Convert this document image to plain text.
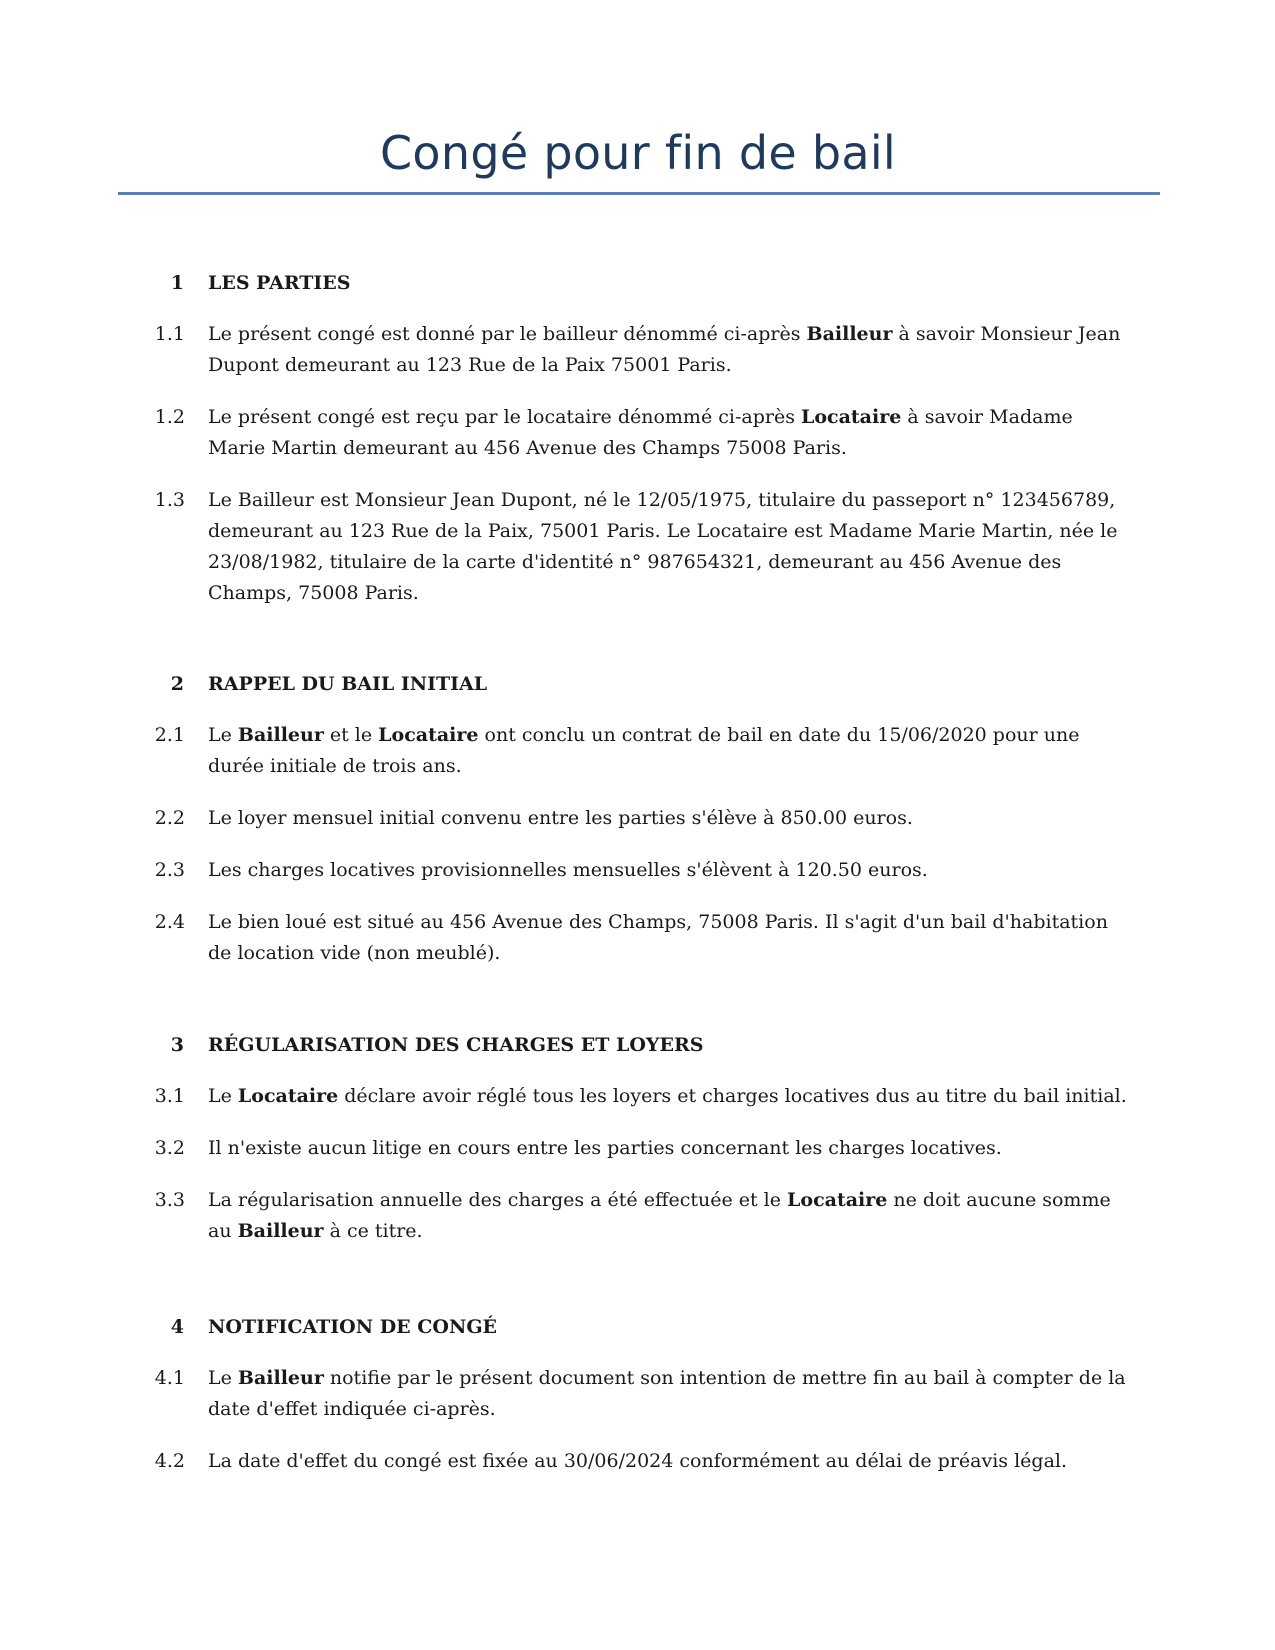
Congé pour fin de bail
1 LES PARTIES
1.1 Le présent congé est donné par le bailleur dénommé ci-après Bailleur à savoir Monsieur Jean
Dupont demeurant au 123 Rue de la Paix 75001 Paris.
1.2 Le présent congé est reçu par le locataire dénommé ci-après Locataire à savoir Madame
Marie Martin demeurant au 456 Avenue des Champs 75008 Paris.
1.3 Le Bailleur est Monsieur Jean Dupont, né le 12/05/1975, titulaire du passeport n° 123456789,
demeurant au 123 Rue de la Paix, 75001 Paris. Le Locataire est Madame Marie Martin, née le
23/08/1982, titulaire de la carte d'identité n° 987654321, demeurant au 456 Avenue des
Champs, 75008 Paris.
2 RAPPEL DU BAIL INITIAL
2.1 Le Bailleur et le Locataire ont conclu un contrat de bail en date du 15/06/2020 pour une
durée initiale de trois ans.
2.2 Le loyer mensuel initial convenu entre les parties s'élève à 850.00 euros.
2.3 Les charges locatives provisionnelles mensuelles s'élèvent à 120.50 euros.
2.4 Le bien loué est situé au 456 Avenue des Champs, 75008 Paris. Il s'agit d'un bail d'habitation
de location vide (non meublé).
3 RÉGULARISATION DES CHARGES ET LOYERS
3.1 Le Locataire déclare avoir réglé tous les loyers et charges locatives dus au titre du bail initial.
3.2 Il n'existe aucun litige en cours entre les parties concernant les charges locatives.
3.3 La régularisation annuelle des charges a été effectuée et le Locataire ne doit aucune somme
au Bailleur à ce titre.
4 NOTIFICATION DE CONGÉ
4.1 Le Bailleur notifie par le présent document son intention de mettre fin au bail à compter de la
date d'effet indiquée ci-après.
4.2 La date d'effet du congé est fixée au 30/06/2024 conformément au délai de préavis légal.
